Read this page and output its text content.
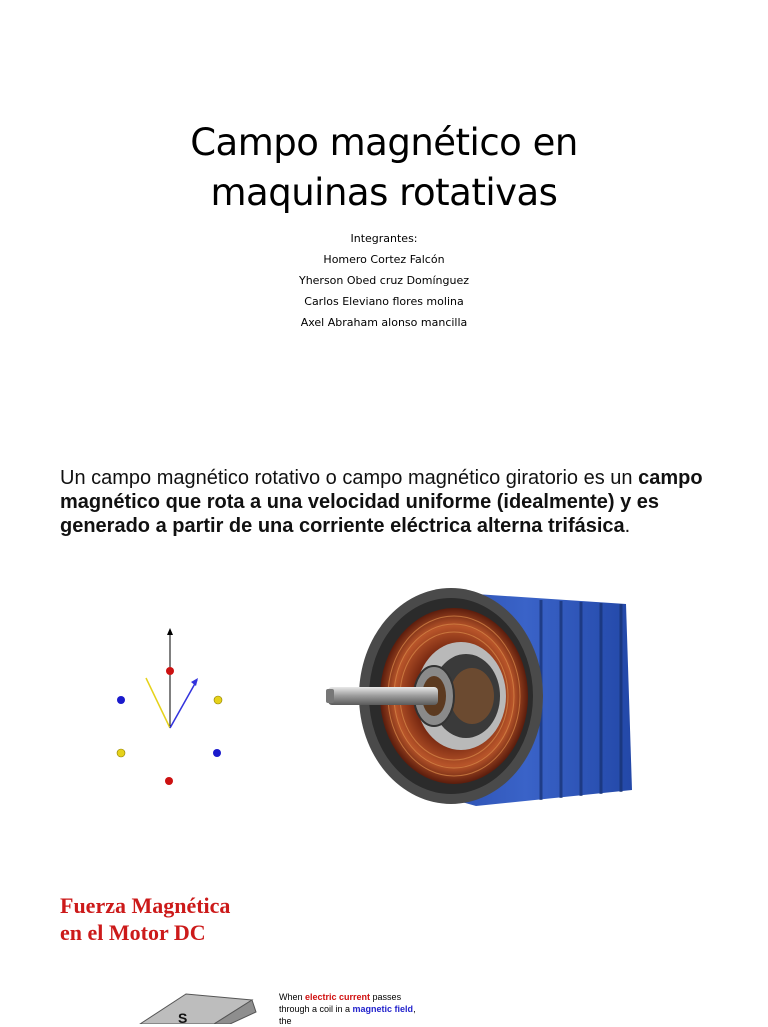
Campo magnético en
maquinas rotativas
Integrantes:
Homero Cortez Falcón
Yherson Obed cruz Domínguez
Carlos Eleviano flores molina
Axel Abraham alonso mancilla
Un campo magnético rotativo o campo magnético giratorio es un campo magnético que rota a una velocidad uniforme (idealmente) y es generado a partir de una corriente eléctrica alterna trifásica.
Fuerza Magnética
en el Motor DC
S
When electric current passes through a coil in a magnetic field, the
